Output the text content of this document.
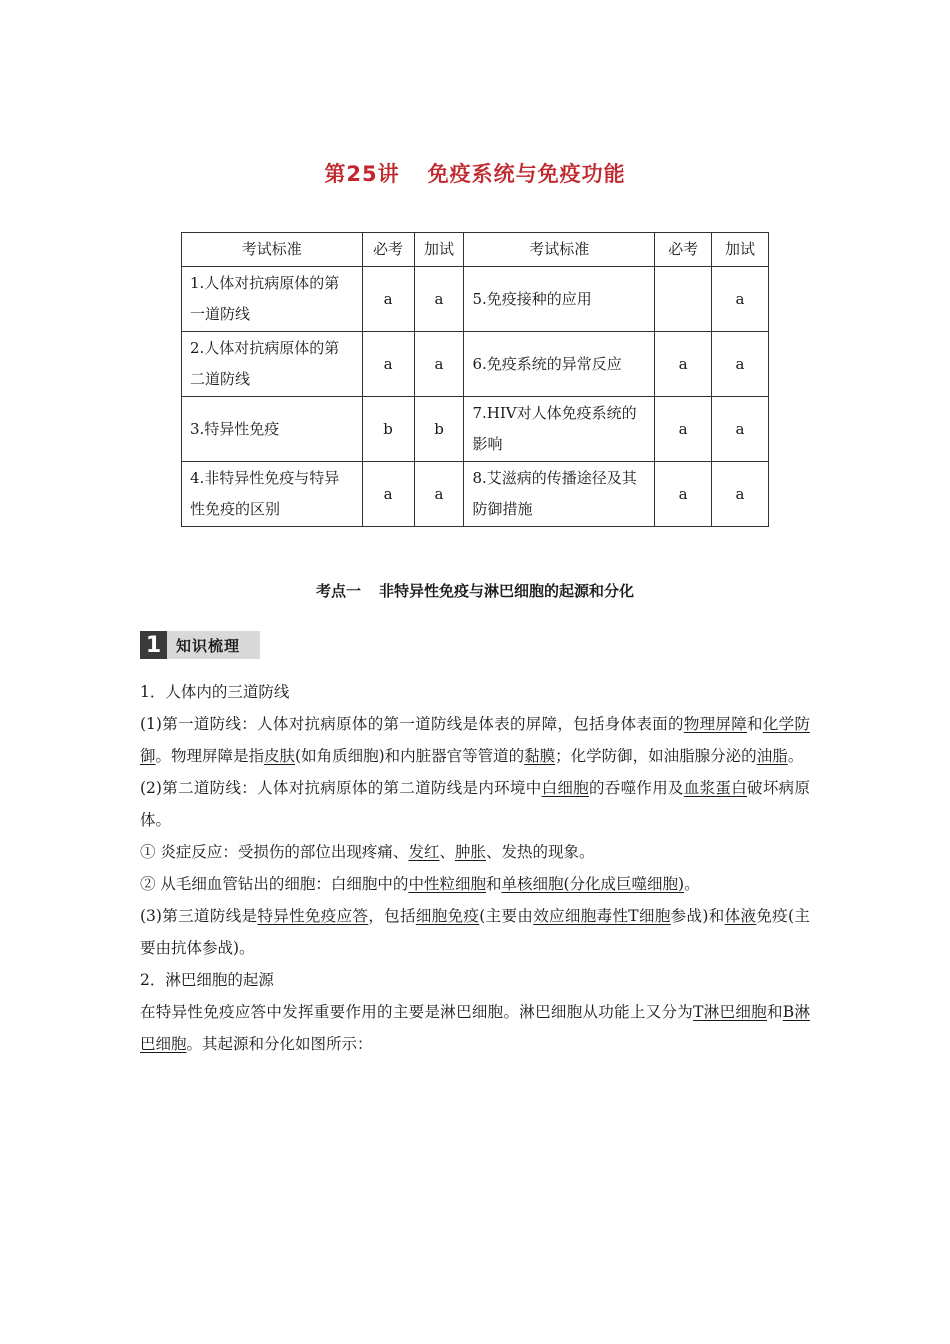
第25讲 免疫系统与免疫功能
考试标准	必考	加试	考试标准	必考	加试
1.人体对抗病原体的第一道防线	a	a	5.免疫接种的应用		a
2.人体对抗病原体的第二道防线	a	a	6.免疫系统的异常反应	a	a
3.特异性免疫	b	b	7.HIV对人体免疫系统的影响	a	a
4.非特异性免疫与特异性免疫的区别	a	a	8.艾滋病的传播途径及其防御措施	a	a
考点一 非特异性免疫与淋巴细胞的起源和分化
1 知识梳理

1．人体内的三道防线

(1)第一道防线：人体对抗病原体的第一道防线是体表的屏障，包括身体表面的物理屏障和化学防御。物理屏障是指皮肤(如角质细胞)和内脏器官等管道的黏膜；化学防御，如油脂腺分泌的油脂。

(2)第二道防线：人体对抗病原体的第二道防线是内环境中白细胞的吞噬作用及血浆蛋白破坏病原体。

① 炎症反应：受损伤的部位出现疼痛、发红、肿胀、发热的现象。

② 从毛细血管钻出的细胞：白细胞中的中性粒细胞和单核细胞(分化成巨噬细胞)。

(3)第三道防线是特异性免疫应答，包括细胞免疫(主要由效应细胞毒性T细胞参战)和体液免疫(主要由抗体参战)。

2．淋巴细胞的起源

在特异性免疫应答中发挥重要作用的主要是淋巴细胞。淋巴细胞从功能上又分为T淋巴细胞和B淋巴细胞。其起源和分化如图所示：
